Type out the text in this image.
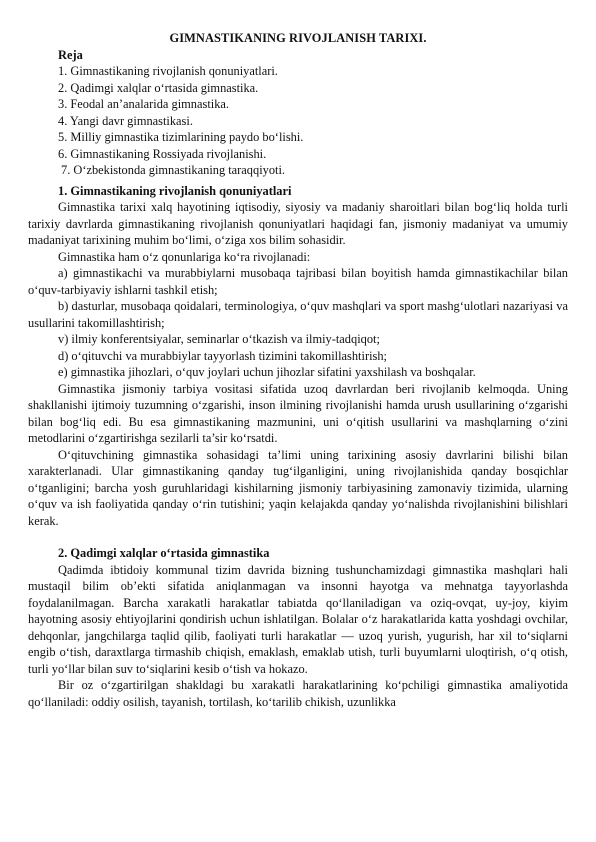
GIMNASTIKANING RIVOJLANISH TARIXI.
Reja
1. Gimnastikaning rivojlanish qonuniyatlari.
2. Qadimgi xalqlar o‘rtasida gimnastika.
3. Feodal an’analarida gimnastika.
4. Yangi davr gimnastikasi.
5. Milliy gimnastika tizimlarining paydo bo‘lishi.
6. Gimnastikaning Rossiyada rivojlanishi.
7. O‘zbekistonda gimnastikaning taraqqiyoti.
1. Gimnastikaning rivojlanish qonuniyatlari

Gimnastika tarixi xalq hayotining iqtisodiy, siyosiy va madaniy sharoitlari bilan bog‘liq holda turli tarixiy davrlarda gimnastikaning rivojlanish qonuniyatlari haqidagi fan, jismoniy madaniyat va umumiy madaniyat tarixining muhim bo‘limi, o‘ziga xos bilim sohasidir.

Gimnastika ham o‘z qonunlariga ko‘ra rivojlanadi:

a) gimnastikachi va murabbiylarni musobaqa tajribasi bilan boyitish hamda gimnastikachilar bilan o‘quv-tarbiyaviy ishlarni tashkil etish;

b) dasturlar, musobaqa qoidalari, terminologiya, o‘quv mashqlari va sport mashg‘ulotlari nazariyasi va usullarini takomillashtirish;

v) ilmiy konferentsiyalar, seminarlar o‘tkazish va ilmiy-tadqiqot;

d) o‘qituvchi va murabbiylar tayyorlash tizimini takomillashtirish;

e) gimnastika jihozlari, o‘quv joylari uchun jihozlar sifatini yaxshilash va boshqalar.

Gimnastika jismoniy tarbiya vositasi sifatida uzoq davrlardan beri rivojlanib kelmoqda. Uning shakllanishi ijtimoiy tuzumning o‘zgarishi, inson ilmining rivojlanishi hamda urush usullarining o‘zgarishi bilan bog‘liq edi. Bu esa gimnastikaning mazmunini, uni o‘qitish usullarini va mashqlarning o‘zini metodlarini o‘zgartirishga sezilarli ta’sir ko‘rsatdi.

O‘qituvchining gimnastika sohasidagi ta’limi uning tarixining asosiy davrlarini bilishi bilan xarakterlanadi. Ular gimnastikaning qanday tug‘ilganligini, uning rivojlanishida qanday bosqichlar o‘tganligini; barcha yosh guruhlaridagi kishilarning jismoniy tarbiyasining zamonaviy tizimida, ularning o‘quv va ish faoliyatida qanday o‘rin tutishini; yaqin kelajakda qanday yo‘nalishda rivojlanishini bilishlari kerak.

2. Qadimgi xalqlar o‘rtasida gimnastika

Qadimda ibtidoiy kommunal tizim davrida bizning tushunchamizdagi gimnastika mashqlari hali mustaqil bilim ob’ekti sifatida aniqlanmagan va insonni hayotga va mehnatga tayyorlashda foydalanilmagan. Barcha xarakatli harakatlar tabiatda qo‘llaniladigan va oziq-ovqat, uy-joy, kiyim hayotning asosiy ehtiyojlarini qondirish uchun ishlatilgan. Bolalar o‘z harakatlarida katta yoshdagi ovchilar, dehqonlar, jangchilarga taqlid qilib, faoliyati turli harakatlar — uzoq yurish, yugurish, har xil to‘siqlarni engib o‘tish, daraxtlarga tirmashib chiqish, emaklash, emaklab utish, turli buyumlarni uloqtirish, o‘q otish, turli yo‘llar bilan suv to‘siqlarini kesib o‘tish va hokazo.

Bir oz o‘zgartirilgan shakldagi bu xarakatli harakatlarining ko‘pchiligi gimnastika amaliyotida qo‘llaniladi: oddiy osilish, tayanish, tortilash, ko‘tarilib chikish, uzunlikka
